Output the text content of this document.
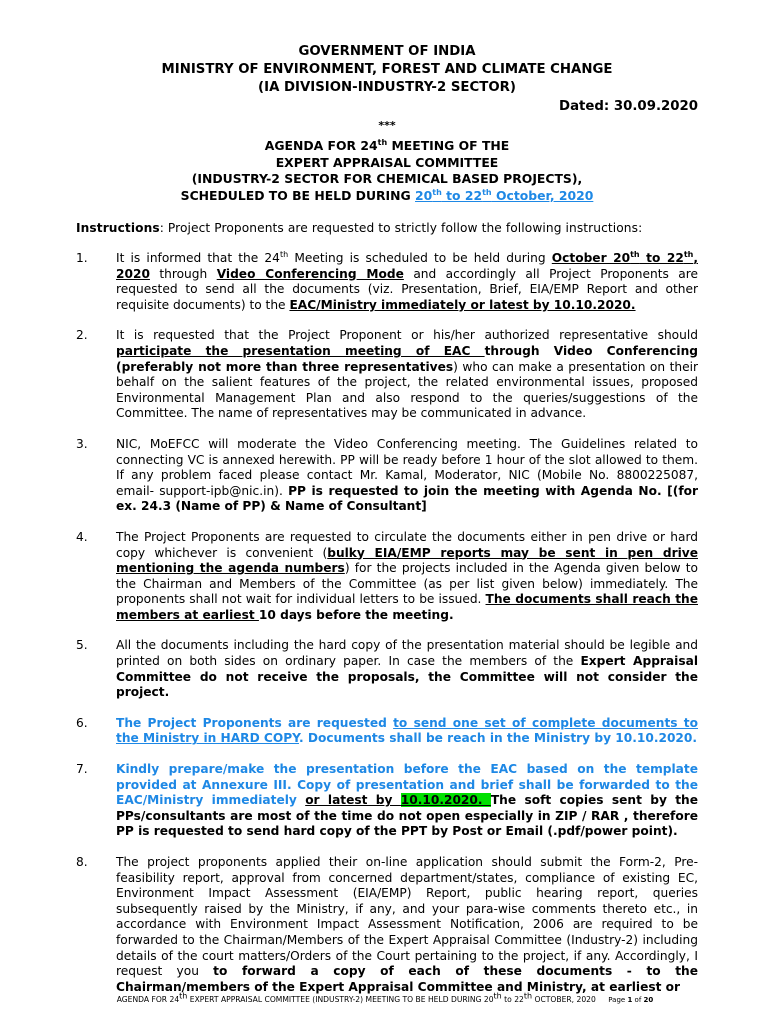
GOVERNMENT OF INDIA
MINISTRY OF ENVIRONMENT, FOREST AND CLIMATE CHANGE
(IA DIVISION-INDUSTRY-2 SECTOR)
Dated: 30.09.2020
***
AGENDA FOR 24th MEETING OF THE
EXPERT APPRAISAL COMMITTEE
(INDUSTRY-2 SECTOR FOR CHEMICAL BASED PROJECTS),
SCHEDULED TO BE HELD DURING 20th to 22th October, 2020
Instructions: Project Proponents are requested to strictly follow the following instructions:
1.	It is informed that the 24th Meeting is scheduled to be held during October 20th to 22th, 2020 through Video Conferencing Mode and accordingly all Project Proponents are requested to send all the documents (viz. Presentation, Brief, EIA/EMP Report and other requisite documents) to the EAC/Ministry immediately or latest by 10.10.2020.
2.	It is requested that the Project Proponent or his/her authorized representative should participate the presentation meeting of EAC through Video Conferencing (preferably not more than three representatives) who can make a presentation on their behalf on the salient features of the project, the related environmental issues, proposed Environmental Management Plan and also respond to the queries/suggestions of the Committee. The name of representatives may be communicated in advance.
3.	NIC, MoEFCC will moderate the Video Conferencing meeting. The Guidelines related to connecting VC is annexed herewith. PP will be ready before 1 hour of the slot allowed to them. If any problem faced please contact Mr. Kamal, Moderator, NIC (Mobile No. 8800225087, email- support-ipb@nic.in). PP is requested to join the meeting with Agenda No. [(for ex. 24.3 (Name of PP) & Name of Consultant]
4.	The Project Proponents are requested to circulate the documents either in pen drive or hard copy whichever is convenient (bulky EIA/EMP reports may be sent in pen drive mentioning the agenda numbers) for the projects included in the Agenda given below to the Chairman and Members of the Committee (as per list given below) immediately. The proponents shall not wait for individual letters to be issued. The documents shall reach the members at earliest 10 days before the meeting.
5.	All the documents including the hard copy of the presentation material should be legible and printed on both sides on ordinary paper. In case the members of the Expert Appraisal Committee do not receive the proposals, the Committee will not consider the project.
6.	The Project Proponents are requested to send one set of complete documents to the Ministry in HARD COPY. Documents shall be reach in the Ministry by 10.10.2020.
7.	Kindly prepare/make the presentation before the EAC based on the template provided at Annexure III. Copy of presentation and brief shall be forwarded to the EAC/Ministry immediately or latest by 10.10.2020. The soft copies sent by the PPs/consultants are most of the time do not open especially in ZIP / RAR , therefore PP is requested to send hard copy of the PPT by Post or Email (.pdf/power point).
8.	The project proponents applied their on-line application should submit the Form-2, Pre-feasibility report, approval from concerned department/states, compliance of existing EC, Environment Impact Assessment (EIA/EMP) Report, public hearing report, queries subsequently raised by the Ministry, if any, and your para-wise comments thereto etc., in accordance with Environment Impact Assessment Notification, 2006 are required to be forwarded to the Chairman/Members of the Expert Appraisal Committee (Industry-2) including details of the court matters/Orders of the Court pertaining to the project, if any. Accordingly, I request you to forward a copy of each of these documents - to the Chairman/members of the Expert Appraisal Committee and Ministry, at earliest or
AGENDA FOR 24th EXPERT APPRAISAL COMMITTEE (INDUSTRY-2) MEETING TO BE HELD DURING 20th to 22th OCTOBER, 2020 Page 1 of 20
